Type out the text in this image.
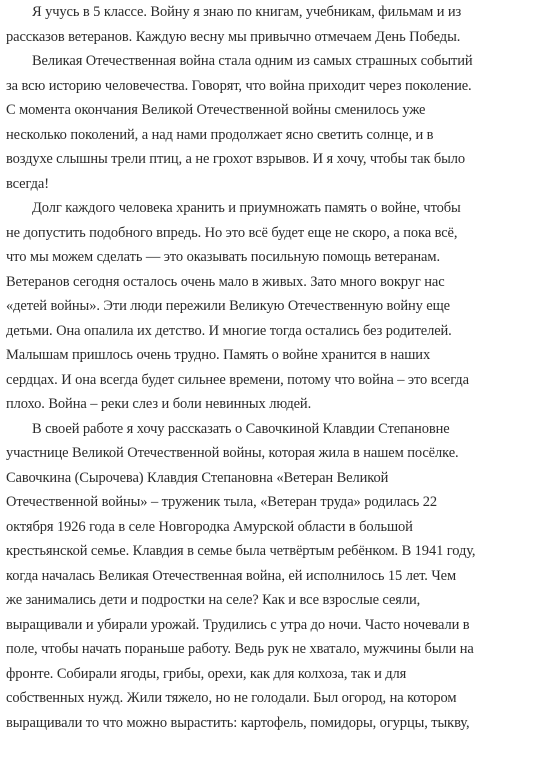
Я учусь в 5 классе. Войну я знаю по книгам, учебникам, фильмам и из
рассказов ветеранов. Каждую весну мы привычно отмечаем День Победы.
Великая Отечественная война стала одним из самых страшных событий
за всю историю человечества. Говорят, что война приходит через поколение.
С момента окончания Великой Отечественной войны сменилось уже
несколько поколений, а над нами продолжает ясно светить солнце, и в
воздухе слышны трели птиц, а не грохот взрывов. И я хочу, чтобы так было
всегда!
Долг каждого человека хранить и приумножать память о войне, чтобы
не допустить подобного впредь. Но это всё будет еще не скоро, а пока всё,
что мы можем сделать — это оказывать посильную помощь ветеранам.
Ветеранов сегодня осталось очень мало в живых. Зато много вокруг нас
«детей войны». Эти люди пережили Великую Отечественную войну еще
детьми. Она опалила их детство. И многие тогда остались без родителей.
Малышам пришлось очень трудно. Память о войне хранится в наших
сердцах. И она всегда будет сильнее времени, потому что война – это всегда
плохо. Война – реки слез и боли невинных людей.
В своей работе я хочу рассказать о Савочкиной Клавдии Степановне
участнице Великой Отечественной войны, которая жила в нашем посёлке.
Савочкина (Сырочева) Клавдия Степановна «Ветеран Великой
Отечественной войны» – труженик тыла, «Ветеран труда» родилась 22
октября 1926 года в селе Новгородка Амурской области в большой
крестьянской семье. Клавдия в семье была четвёртым ребёнком. В 1941 году,
когда началась Великая Отечественная война, ей исполнилось 15 лет. Чем
же занимались дети и подростки на селе? Как и все взрослые сеяли,
выращивали и убирали урожай. Трудились с утра до ночи. Часто ночевали в
поле, чтобы начать пораньше работу. Ведь рук не хватало, мужчины были на
фронте. Собирали ягоды, грибы, орехи, как для колхоза, так и для
собственных нужд. Жили тяжело, но не голодали. Был огород, на котором
выращивали то что можно вырастить: картофель, помидоры, огурцы, тыкву,
